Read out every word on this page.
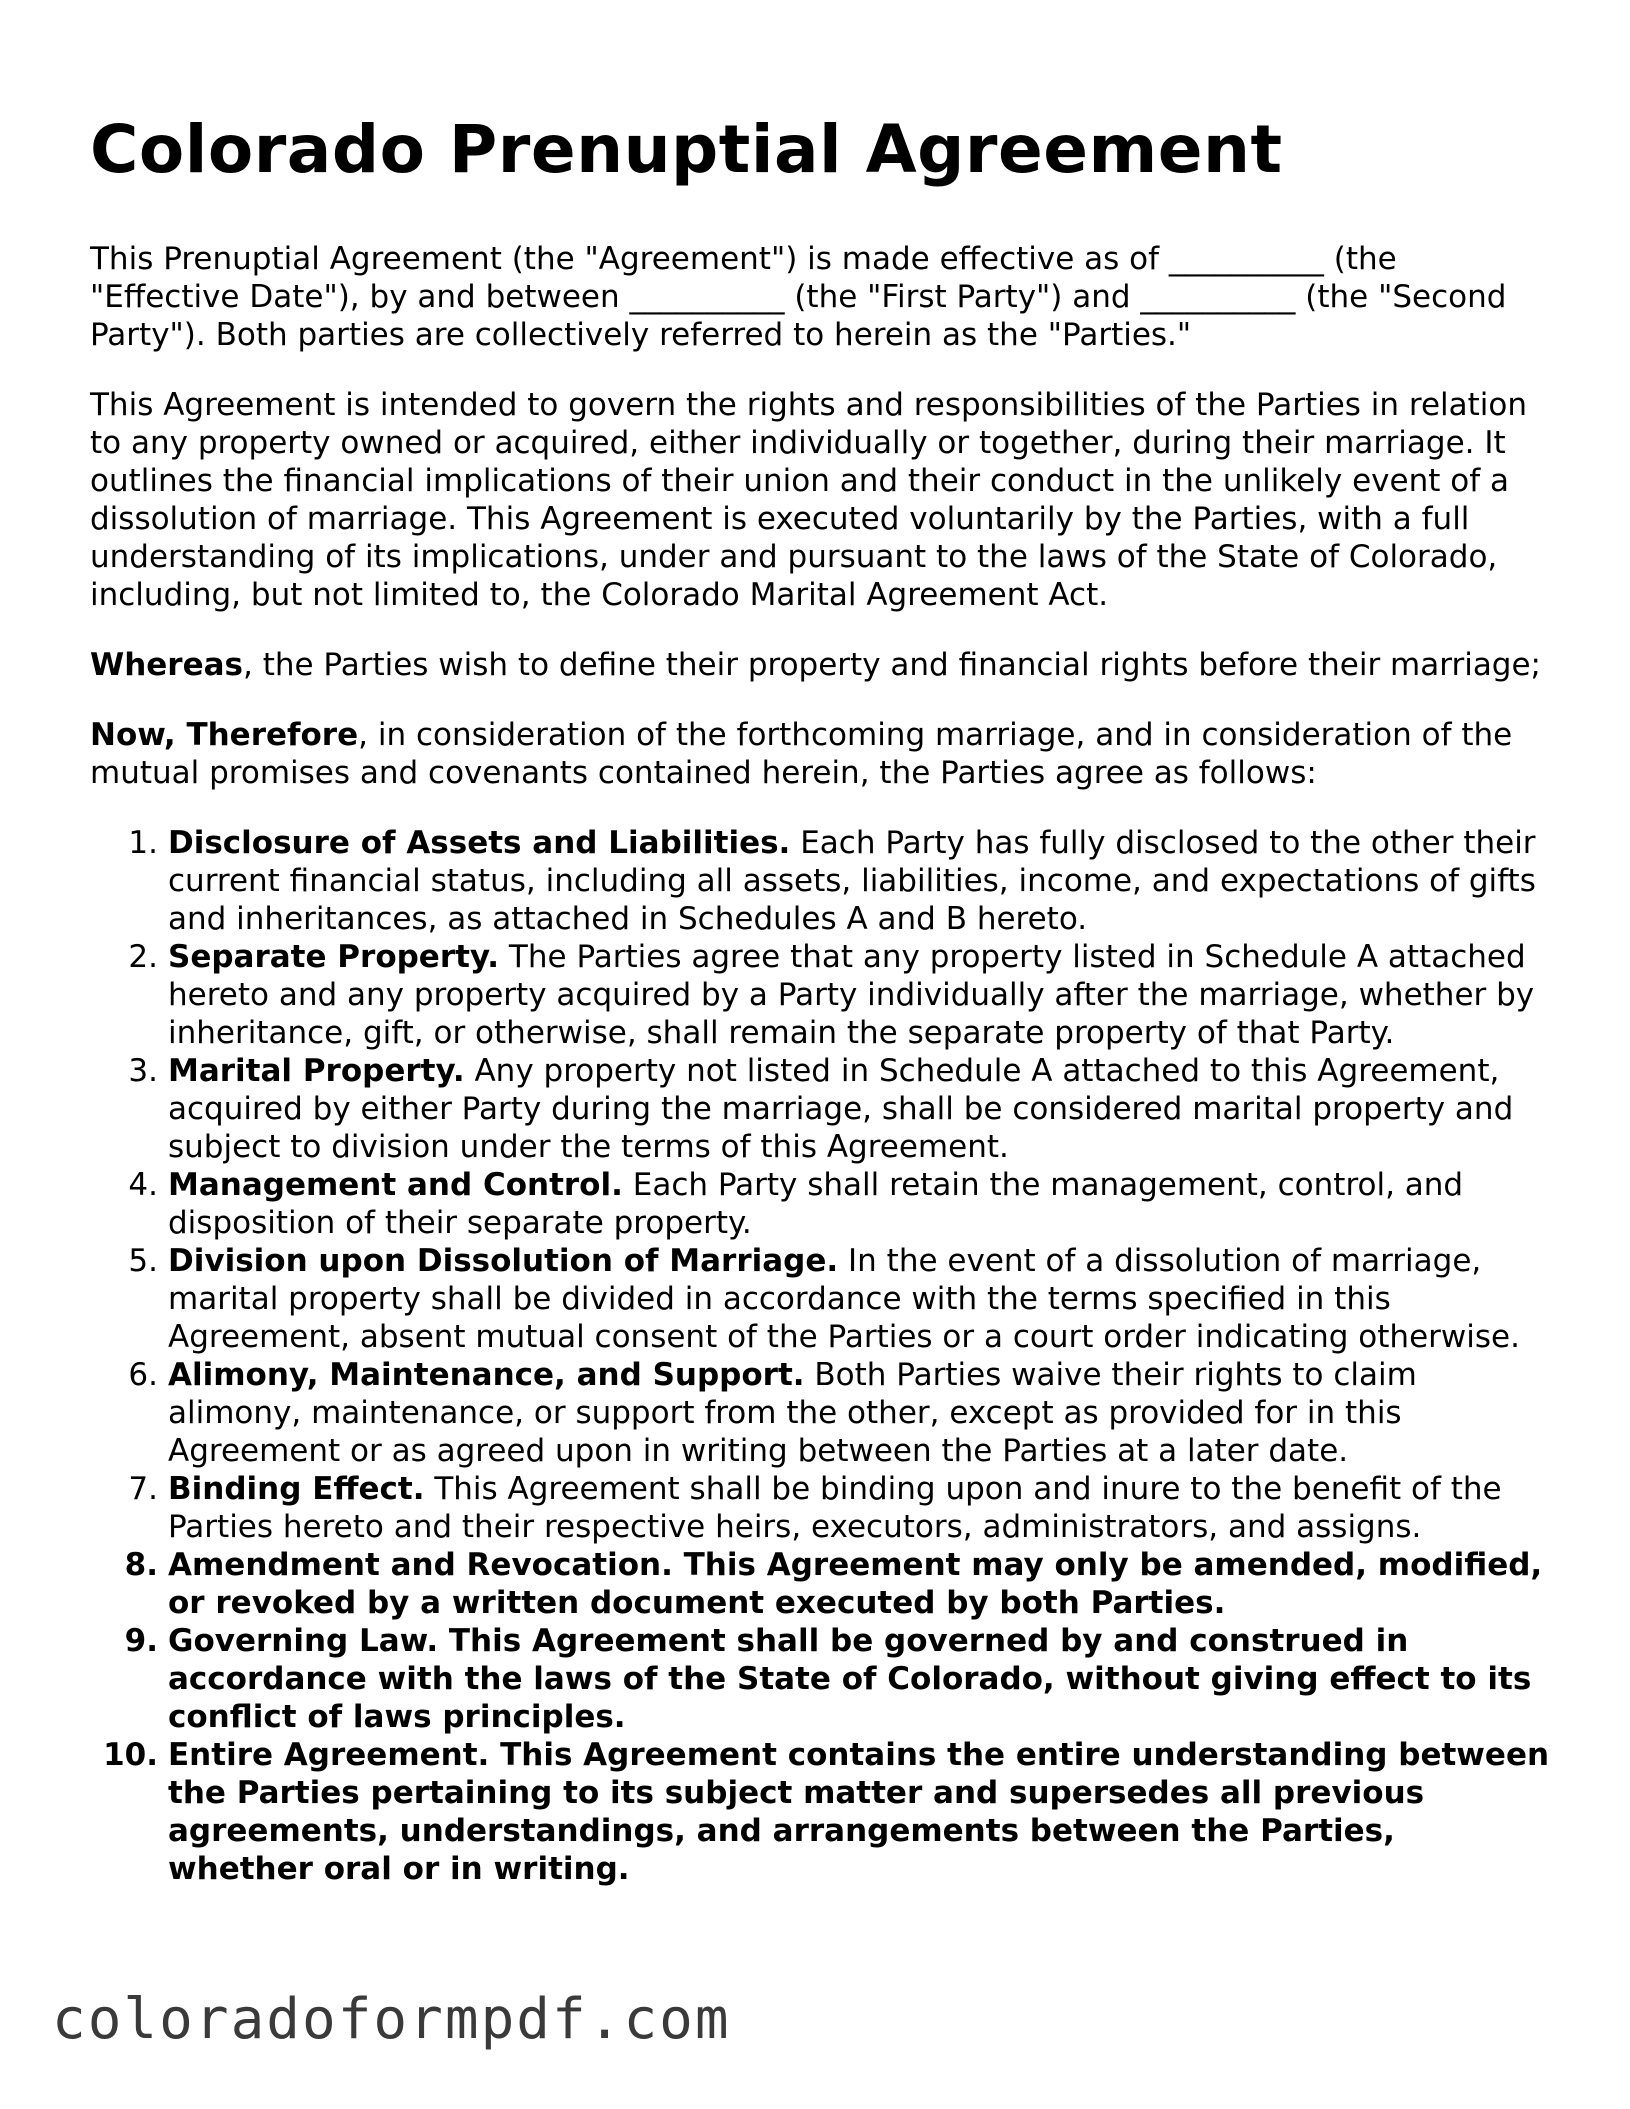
Colorado Prenuptial Agreement

This Prenuptial Agreement (the "Agreement") is made effective as of __________ (the "Effective Date"), by and between __________ (the "First Party") and __________ (the "Second Party"). Both parties are collectively referred to herein as the "Parties."

This Agreement is intended to govern the rights and responsibilities of the Parties in relation to any property owned or acquired, either individually or together, during their marriage. It outlines the financial implications of their union and their conduct in the unlikely event of a dissolution of marriage. This Agreement is executed voluntarily by the Parties, with a full understanding of its implications, under and pursuant to the laws of the State of Colorado, including, but not limited to, the Colorado Marital Agreement Act.

Whereas, the Parties wish to define their property and financial rights before their marriage;

Now, Therefore, in consideration of the forthcoming marriage, and in consideration of the mutual promises and covenants contained herein, the Parties agree as follows:

1. Disclosure of Assets and Liabilities. Each Party has fully disclosed to the other their current financial status, including all assets, liabilities, income, and expectations of gifts and inheritances, as attached in Schedules A and B hereto.
2. Separate Property. The Parties agree that any property listed in Schedule A attached hereto and any property acquired by a Party individually after the marriage, whether by inheritance, gift, or otherwise, shall remain the separate property of that Party.
3. Marital Property. Any property not listed in Schedule A attached to this Agreement, acquired by either Party during the marriage, shall be considered marital property and subject to division under the terms of this Agreement.
4. Management and Control. Each Party shall retain the management, control, and disposition of their separate property.
5. Division upon Dissolution of Marriage. In the event of a dissolution of marriage, marital property shall be divided in accordance with the terms specified in this Agreement, absent mutual consent of the Parties or a court order indicating otherwise.
6. Alimony, Maintenance, and Support. Both Parties waive their rights to claim alimony, maintenance, or support from the other, except as provided for in this Agreement or as agreed upon in writing between the Parties at a later date.
7. Binding Effect. This Agreement shall be binding upon and inure to the benefit of the Parties hereto and their respective heirs, executors, administrators, and assigns.
8. Amendment and Revocation. This Agreement may only be amended, modified, or revoked by a written document executed by both Parties.
9. Governing Law. This Agreement shall be governed by and construed in accordance with the laws of the State of Colorado, without giving effect to its conflict of laws principles.
10. Entire Agreement. This Agreement contains the entire understanding between the Parties pertaining to its subject matter and supersedes all previous agreements, understandings, and arrangements between the Parties, whether oral or in writing.
coloradoformpdf.com
